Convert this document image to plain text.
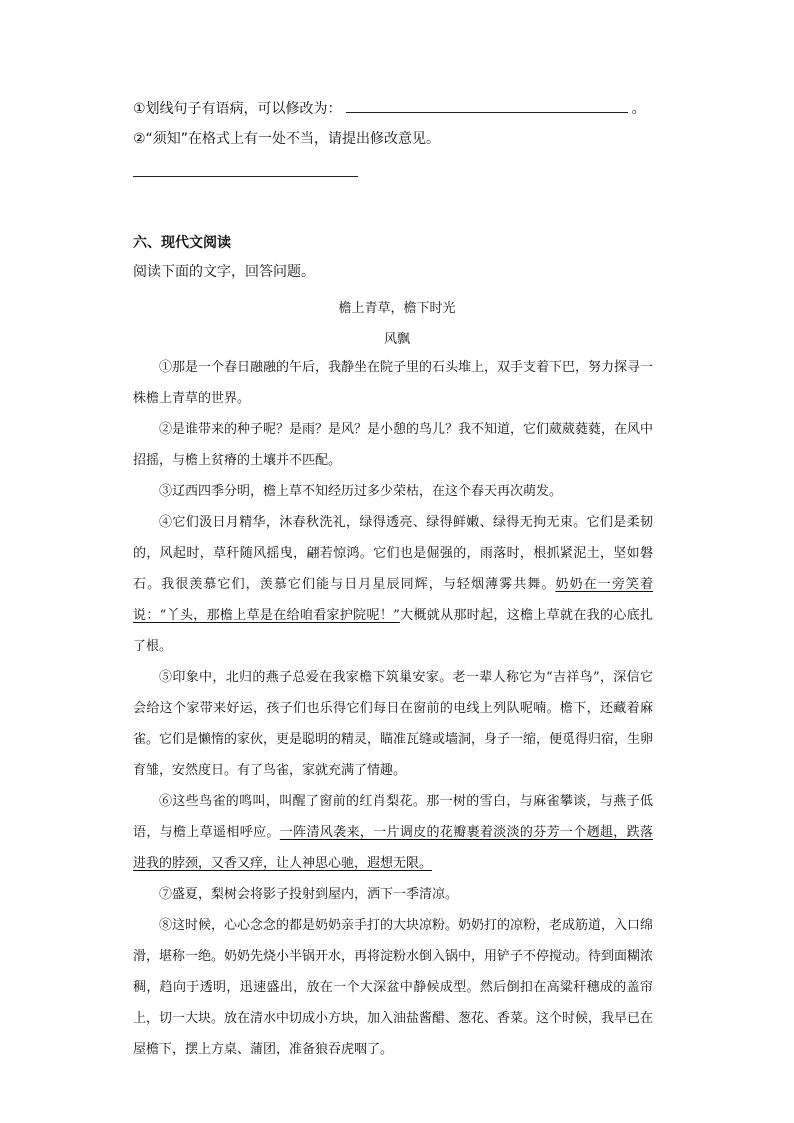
①划线句子有语病，可以修改为：	。
②“须知”在格式上有一处不当，请提出修改意见。
六、现代文阅读
阅读下面的文字，回答问题。
檐上青草，檐下时光
风飘

①那是一个春日融融的午后，我静坐在院子里的石头堆上，双手支着下巴，努力探寻一株檐上青草的世界。

②是谁带来的种子呢？是雨？是风？是小憩的鸟儿？我不知道，它们葳葳蕤蕤，在风中招摇，与檐上贫瘠的土壤并不匹配。

③辽西四季分明，檐上草不知经历过多少荣枯，在这个春天再次萌发。

④它们汲日月精华，沐春秋洗礼，绿得透亮、绿得鲜嫩、绿得无拘无束。它们是柔韧的，风起时，草秆随风摇曳，翩若惊鸿。它们也是倔强的，雨落时，根抓紧泥土，坚如磐石。我很羡慕它们，羡慕它们能与日月星辰同辉，与轻烟薄雾共舞。奶奶在一旁笑着说：“丫头，那檐上草是在给咱看家护院呢！”大概就从那时起，这檐上草就在我的心底扎了根。

⑤印象中，北归的燕子总爱在我家檐下筑巢安家。老一辈人称它为“吉祥鸟”，深信它会给这个家带来好运，孩子们也乐得它们每日在窗前的电线上列队呢喃。檐下，还藏着麻雀。它们是懒惰的家伙，更是聪明的精灵，瞄准瓦缝或墙洞，身子一缩，便觅得归宿，生卵育雏，安然度日。有了鸟雀，家就充满了情趣。

⑥这些鸟雀的鸣叫，叫醒了窗前的红肖梨花。那一树的雪白，与麻雀攀谈，与燕子低语，与檐上草遥相呼应。一阵清风袭来，一片调皮的花瓣裹着淡淡的芬芳一个趔趄，跌落进我的脖颈，又香又痒，让人神思心驰，遐想无限。

⑦盛夏，梨树会将影子投射到屋内，洒下一季清凉。

⑧这时候，心心念念的都是奶奶亲手打的大块凉粉。奶奶打的凉粉，老成筋道，入口绵滑，堪称一绝。奶奶先烧小半锅开水，再将淀粉水倒入锅中，用铲子不停搅动。待到面糊浓稠，趋向于透明，迅速盛出，放在一个大深盆中静候成型。然后倒扣在高粱秆穗成的盖帘上，切一大块。放在清水中切成小方块，加入油盐酱醋、葱花、香菜。这个时候，我早已在屋檐下，摆上方桌、蒲团，准备狼吞虎咽了。
